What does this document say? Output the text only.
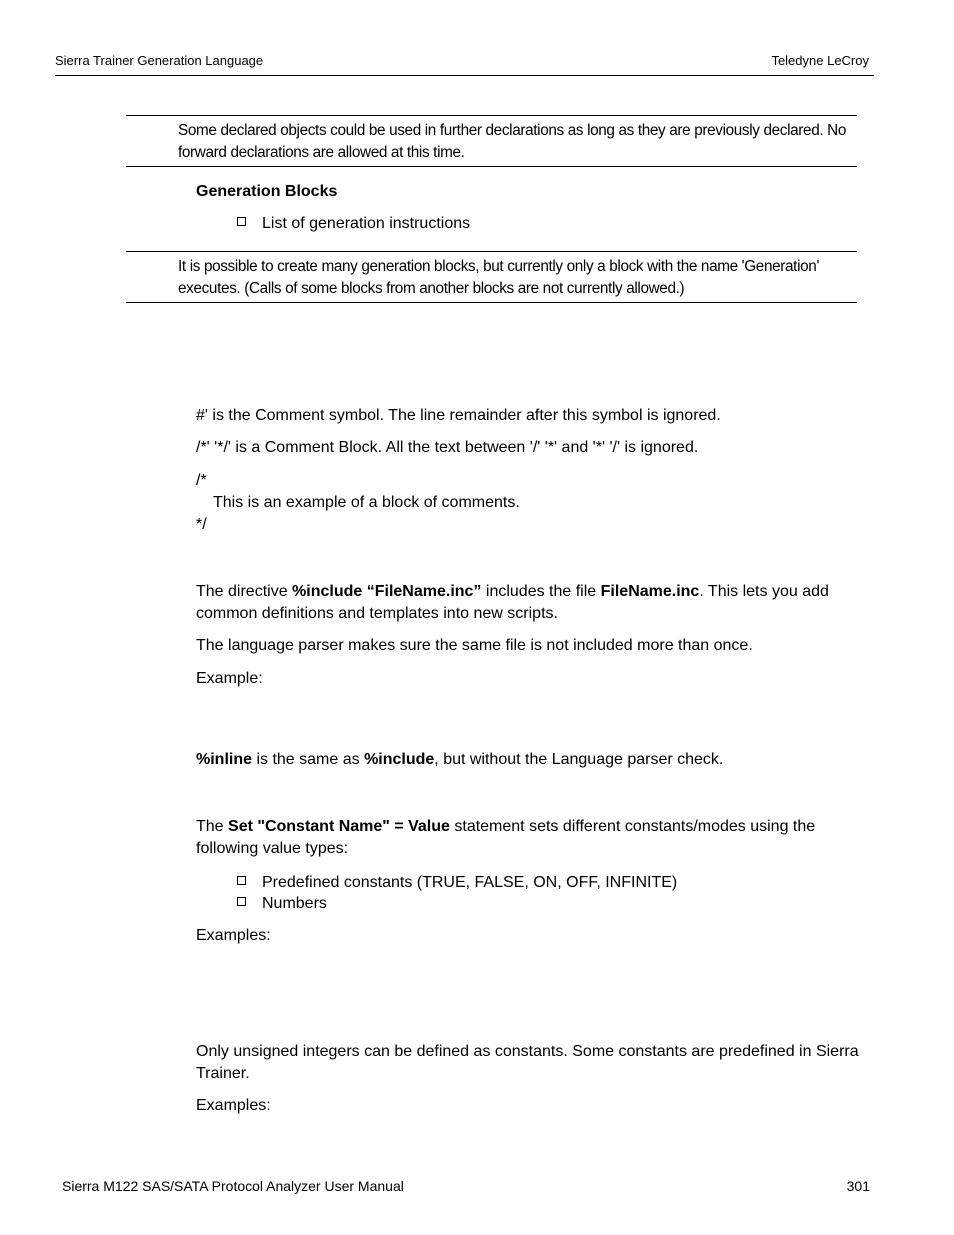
Sierra Trainer Generation Language	Teledyne LeCroy
Some declared objects could be used in further declarations as long as they are previously declared. No forward declarations are allowed at this time.
Generation Blocks
List of generation instructions
It is possible to create many generation blocks, but currently only a block with the name 'Generation' executes. (Calls of some blocks from another blocks are not currently allowed.)
#' is the Comment symbol. The line remainder after this symbol is ignored.
/*' '*/' is a Comment Block. All the text between '/' '*' and '*' '/' is ignored.
/*
This is an example of a block of comments.
*/
The directive %include “FileName.inc” includes the file FileName.inc. This lets you add common definitions and templates into new scripts.
The language parser makes sure the same file is not included more than once.
Example:
%inline is the same as %include, but without the Language parser check.
The Set "Constant Name" = Value statement sets different constants/modes using the following value types:
Predefined constants (TRUE, FALSE, ON, OFF, INFINITE)
Numbers
Examples:
Only unsigned integers can be defined as constants. Some constants are predefined in Sierra Trainer.
Examples:
Sierra M122 SAS/SATA Protocol Analyzer User Manual	301
